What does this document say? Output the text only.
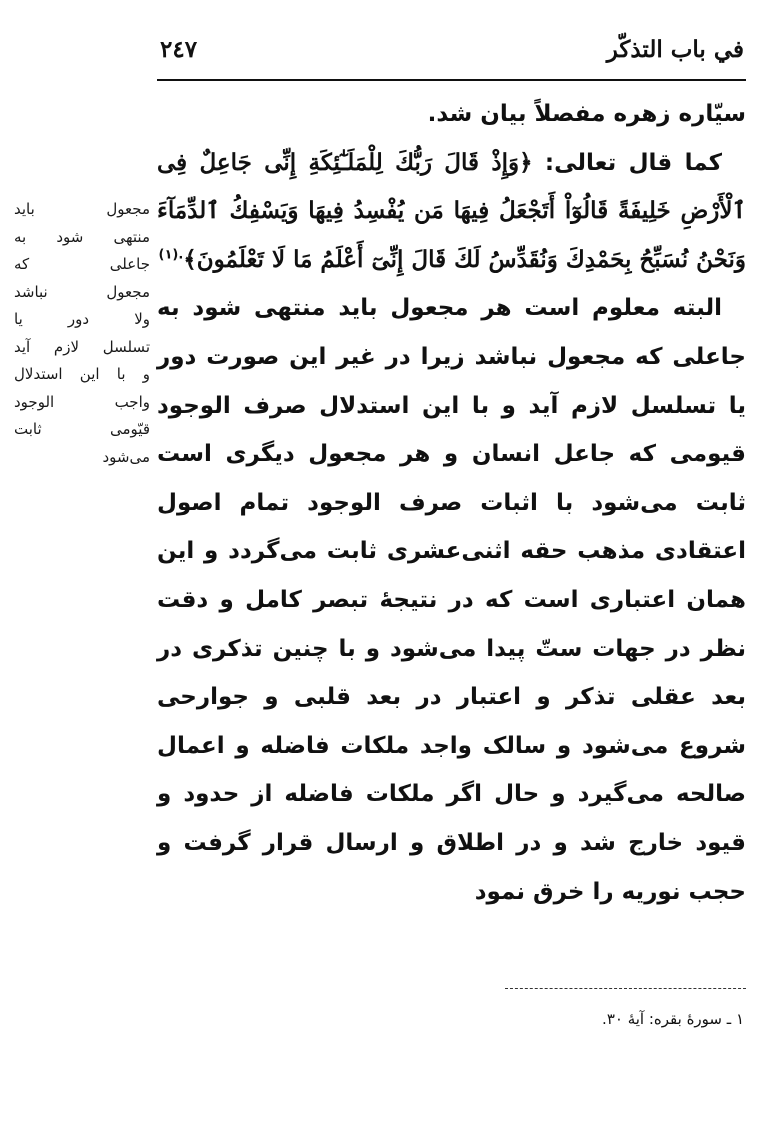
في باب التذكّر
٢٤٧

سیّاره زهره مفصلاً بیان شد.

كما قال تعالی: ﴿وَإِذْ قَالَ رَبُّكَ لِلْمَلَـٰٓئِكَةِ إِنِّى جَاعِلٌ فِى ٱلْأَرْضِ خَلِيفَةً قَالُوٓاْ أَتَجْعَلُ فِيهَا مَن يُفْسِدُ فِيهَا وَيَسْفِكُ ٱلدِّمَآءَ وَنَحْنُ نُسَبِّحُ بِحَمْدِكَ وَنُقَدِّسُ لَكَ قَالَ إِنِّىٓ أَعْلَمُ مَا لَا تَعْلَمُونَ﴾$^{.(١)}$

البته معلوم است هر مجعول باید منتهی شود به جاعلی که مجعول نباشد زیرا در غیر این صورت دور یا تسلسل لازم آید و با این استدلال صرف الوجود قیومی که جاعل انسان و هر مجعول دیگری است ثابت می‌شود با اثبات صرف الوجود تمام اصول اعتقادی مذهب حقه اثنی‌عشری ثابت می‌گردد و این همان اعتباری است که در نتیجهٔ تبصر کامل و دقت نظر در جهات ستّ پیدا می‌شود و با چنین تذکری در بعد عقلی تذکر و اعتبار در بعد قلبی و جوارحی شروع می‌شود و سالک واجد ملکات فاضله و اعمال صالحه می‌گیرد و حال اگر ملکات فاضله از حدود و قیود خارج شد و در اطلاق و ارسال قرار گرفت و حجب نوریه را خرق نمود

مجعول باید
منتهی شود به
جاعلی که
مجعول نباشد
ولا دور یا
تسلسل لازم آید
و با این استدلال
واجب الوجود
قیّومی ثابت
می‌شود
١ ـ سورهٔ بقره: آیهٔ ٣٠.
